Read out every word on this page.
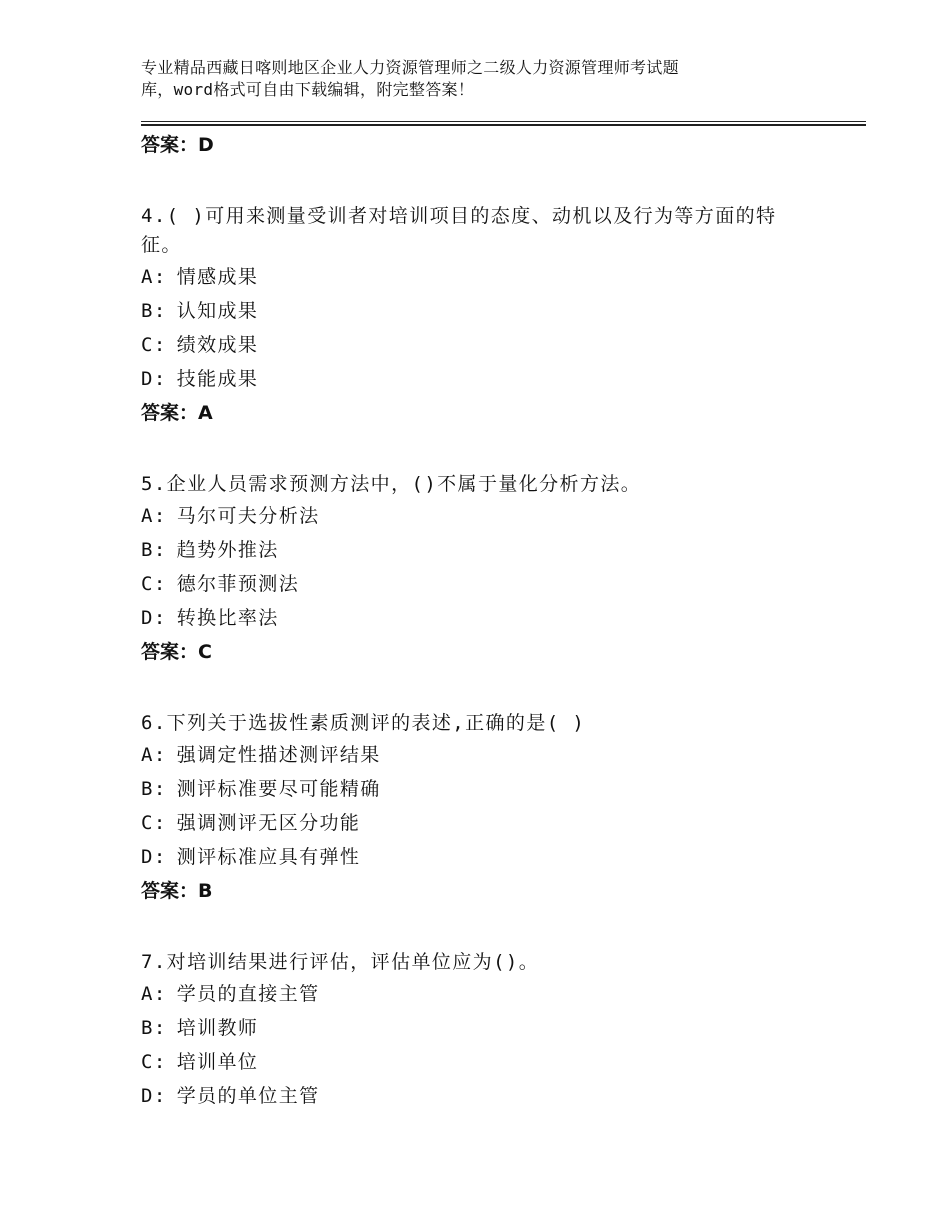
专业精品西藏日喀则地区企业人力资源管理师之二级人力资源管理师考试题
库，word格式可自由下载编辑，附完整答案！
答案：D
4.( )可用来测量受训者对培训项目的态度、动机以及行为等方面的特
征。
A: 情感成果
B: 认知成果
C: 绩效成果
D: 技能成果
答案：A
5.企业人员需求预测方法中，()不属于量化分析方法。
A: 马尔可夫分析法
B: 趋势外推法
C: 德尔菲预测法
D: 转换比率法
答案：C
6.下列关于选拔性素质测评的表述,正确的是( )
A: 强调定性描述测评结果
B: 测评标准要尽可能精确
C: 强调测评无区分功能
D: 测评标准应具有弹性
答案：B
7.对培训结果进行评估，评估单位应为()。
A: 学员的直接主管
B: 培训教师
C: 培训单位
D: 学员的单位主管
